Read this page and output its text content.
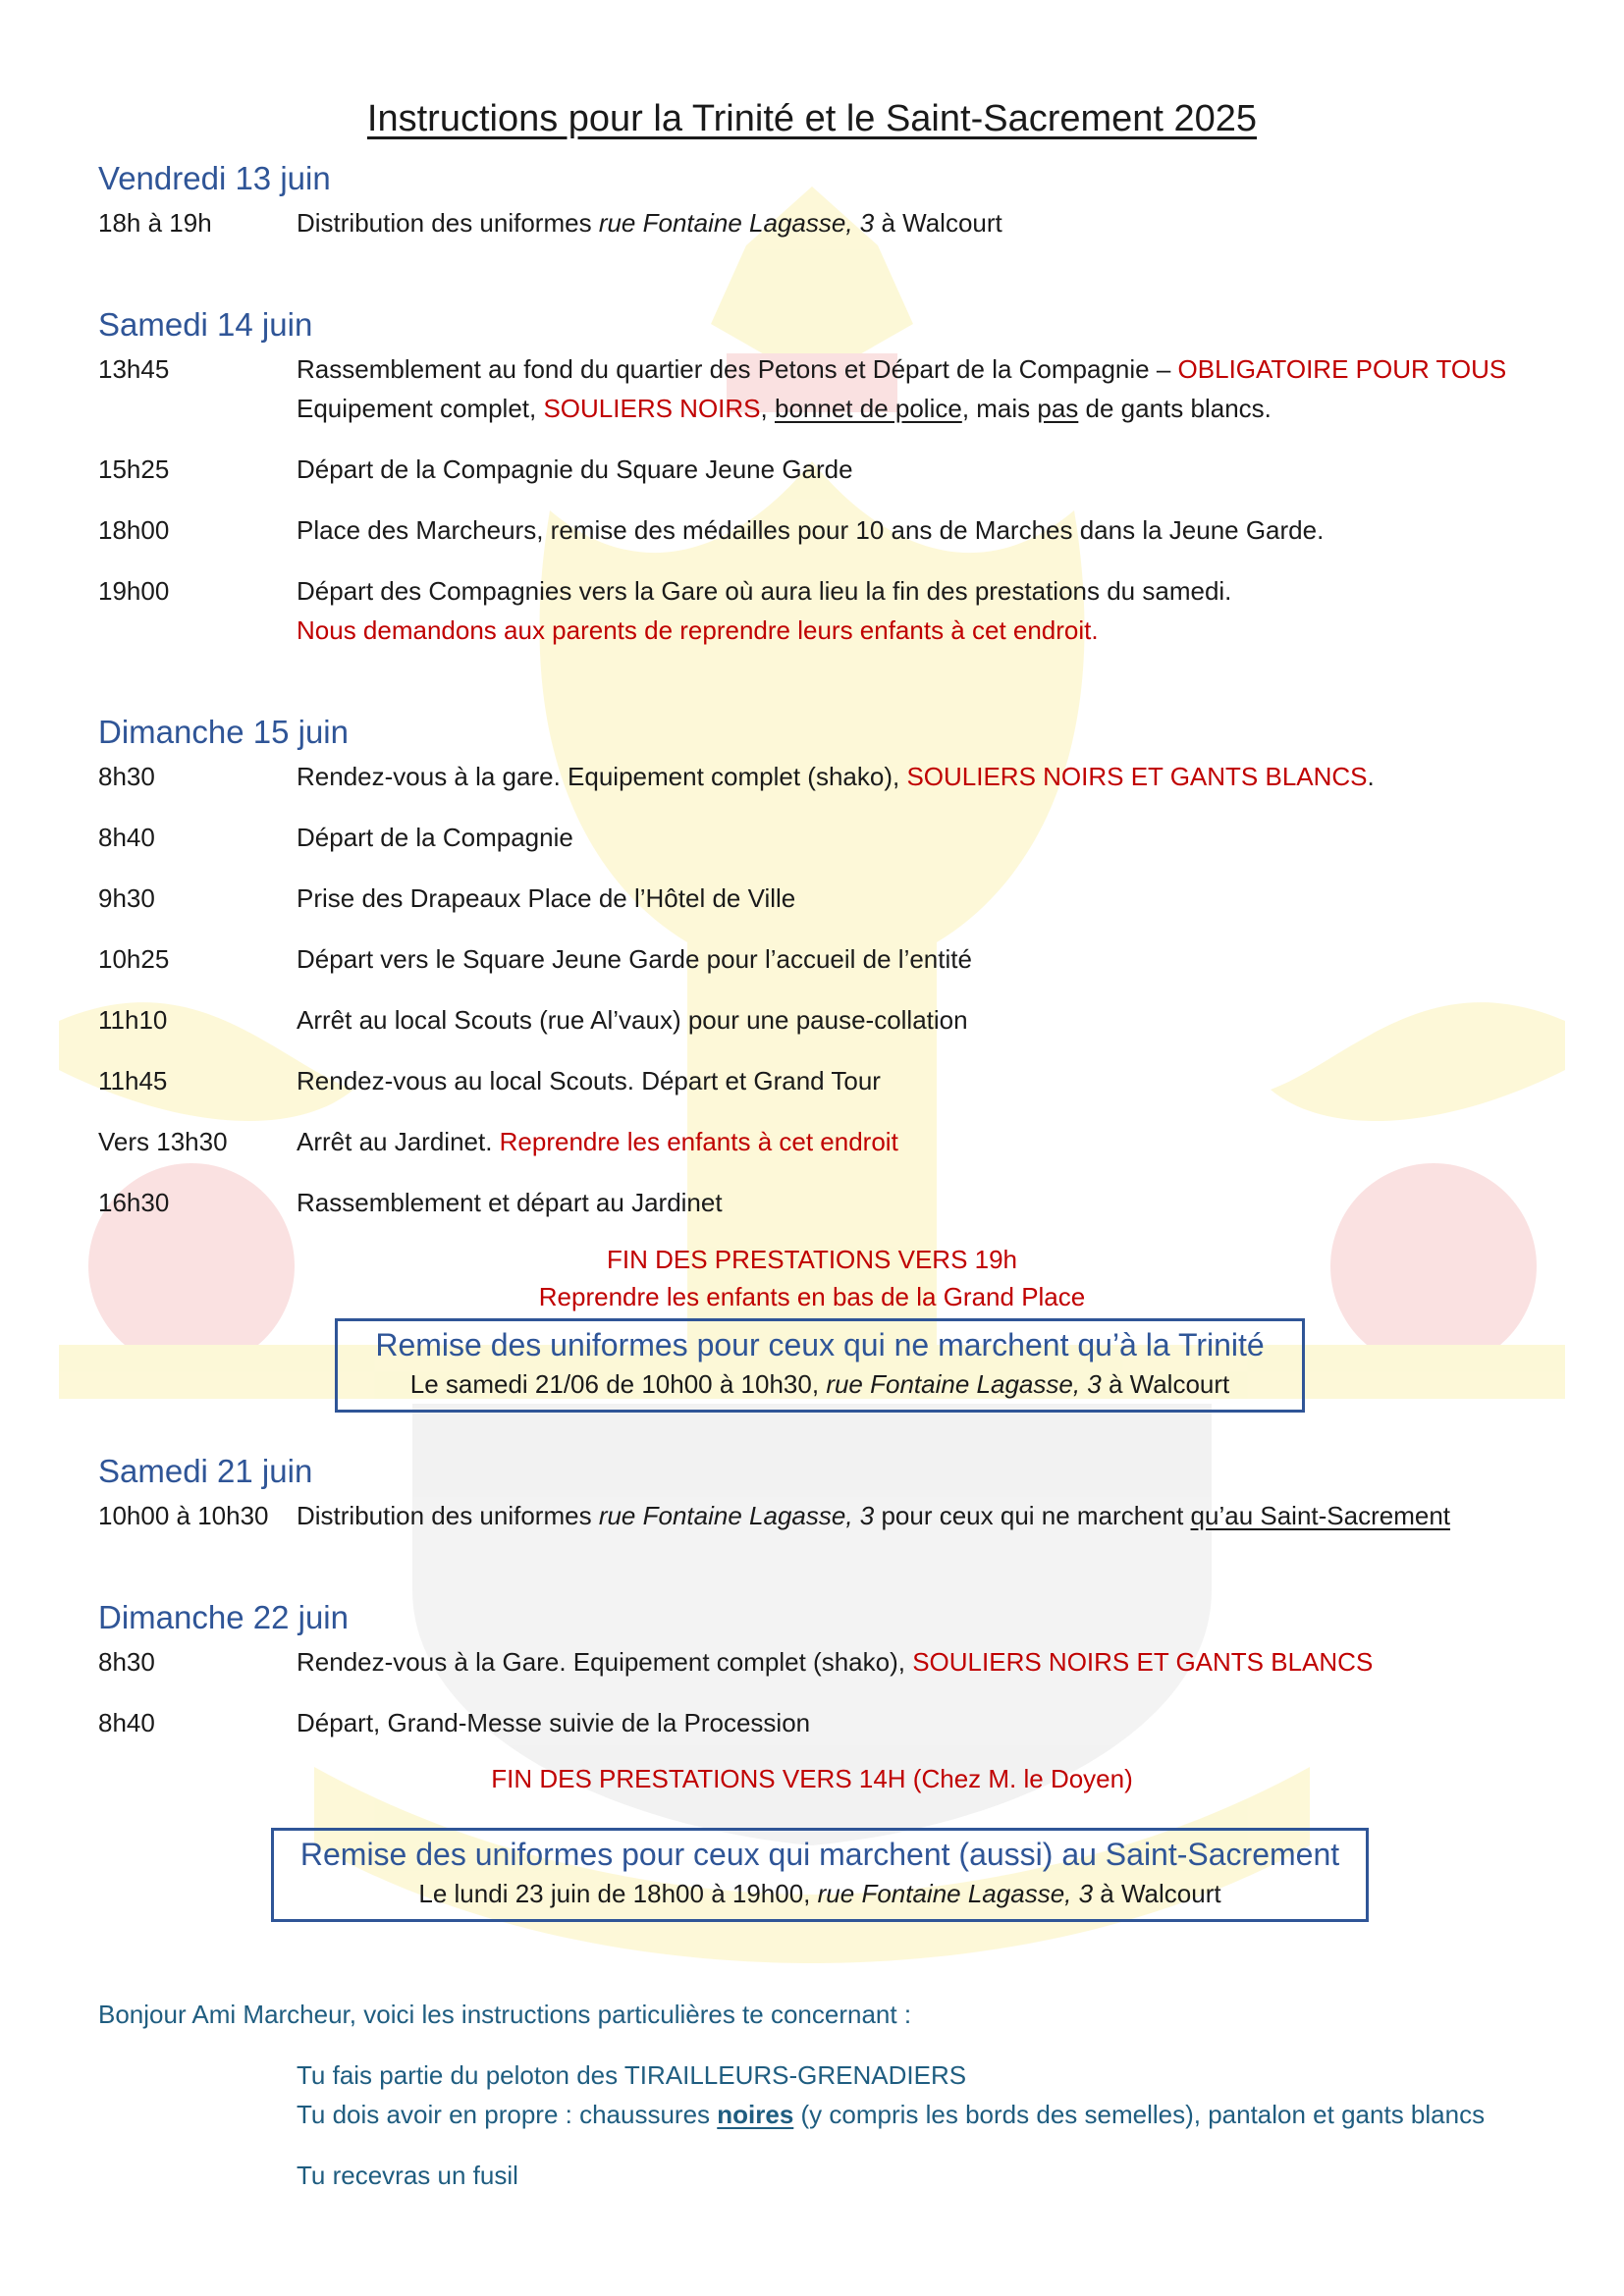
Instructions pour la Trinité et le Saint-Sacrement 2025
Vendredi 13 juin
18h à 19h	Distribution des uniformes rue Fontaine Lagasse, 3 à Walcourt
Samedi 14 juin
13h45	Rassemblement au fond du quartier des Petons et Départ de la Compagnie – OBLIGATOIRE POUR TOUS
Equipement complet, SOULIERS NOIRS, bonnet de police, mais pas de gants blancs.
15h25	Départ de la Compagnie du Square Jeune Garde
18h00	Place des Marcheurs, remise des médailles pour 10 ans de Marches dans la Jeune Garde.
19h00	Départ des Compagnies vers la Gare où aura lieu la fin des prestations du samedi.
Nous demandons aux parents de reprendre leurs enfants à cet endroit.
Dimanche 15 juin
8h30	Rendez-vous à la gare. Equipement complet (shako), SOULIERS NOIRS ET GANTS BLANCS.
8h40	Départ de la Compagnie
9h30	Prise des Drapeaux Place de l’Hôtel de Ville
10h25	Départ vers le Square Jeune Garde pour l’accueil de l’entité
11h10	Arrêt au local Scouts (rue Al’vaux) pour une pause-collation
11h45	Rendez-vous au local Scouts. Départ et Grand Tour
Vers 13h30	Arrêt au Jardinet. Reprendre les enfants à cet endroit
16h30	Rassemblement et départ au Jardinet
FIN DES PRESTATIONS VERS 19h
Reprendre les enfants en bas de la Grand Place
Remise des uniformes pour ceux qui ne marchent qu’à la Trinité
Le samedi 21/06 de 10h00 à 10h30, rue Fontaine Lagasse, 3 à Walcourt
Samedi 21 juin
10h00 à 10h30 Distribution des uniformes rue Fontaine Lagasse, 3 pour ceux qui ne marchent qu’au Saint-Sacrement
Dimanche 22 juin
8h30	Rendez-vous à la Gare. Equipement complet (shako), SOULIERS NOIRS ET GANTS BLANCS
8h40	Départ, Grand-Messe suivie de la Procession
FIN DES PRESTATIONS VERS 14H (Chez M. le Doyen)
Remise des uniformes pour ceux qui marchent (aussi) au Saint-Sacrement
Le lundi 23 juin de 18h00 à 19h00, rue Fontaine Lagasse, 3 à Walcourt
Bonjour Ami Marcheur, voici les instructions particulières te concernant :
Tu fais partie du peloton des TIRAILLEURS-GRENADIERS
Tu dois avoir en propre : chaussures noires (y compris les bords des semelles), pantalon et gants blancs
Tu recevras un fusil
